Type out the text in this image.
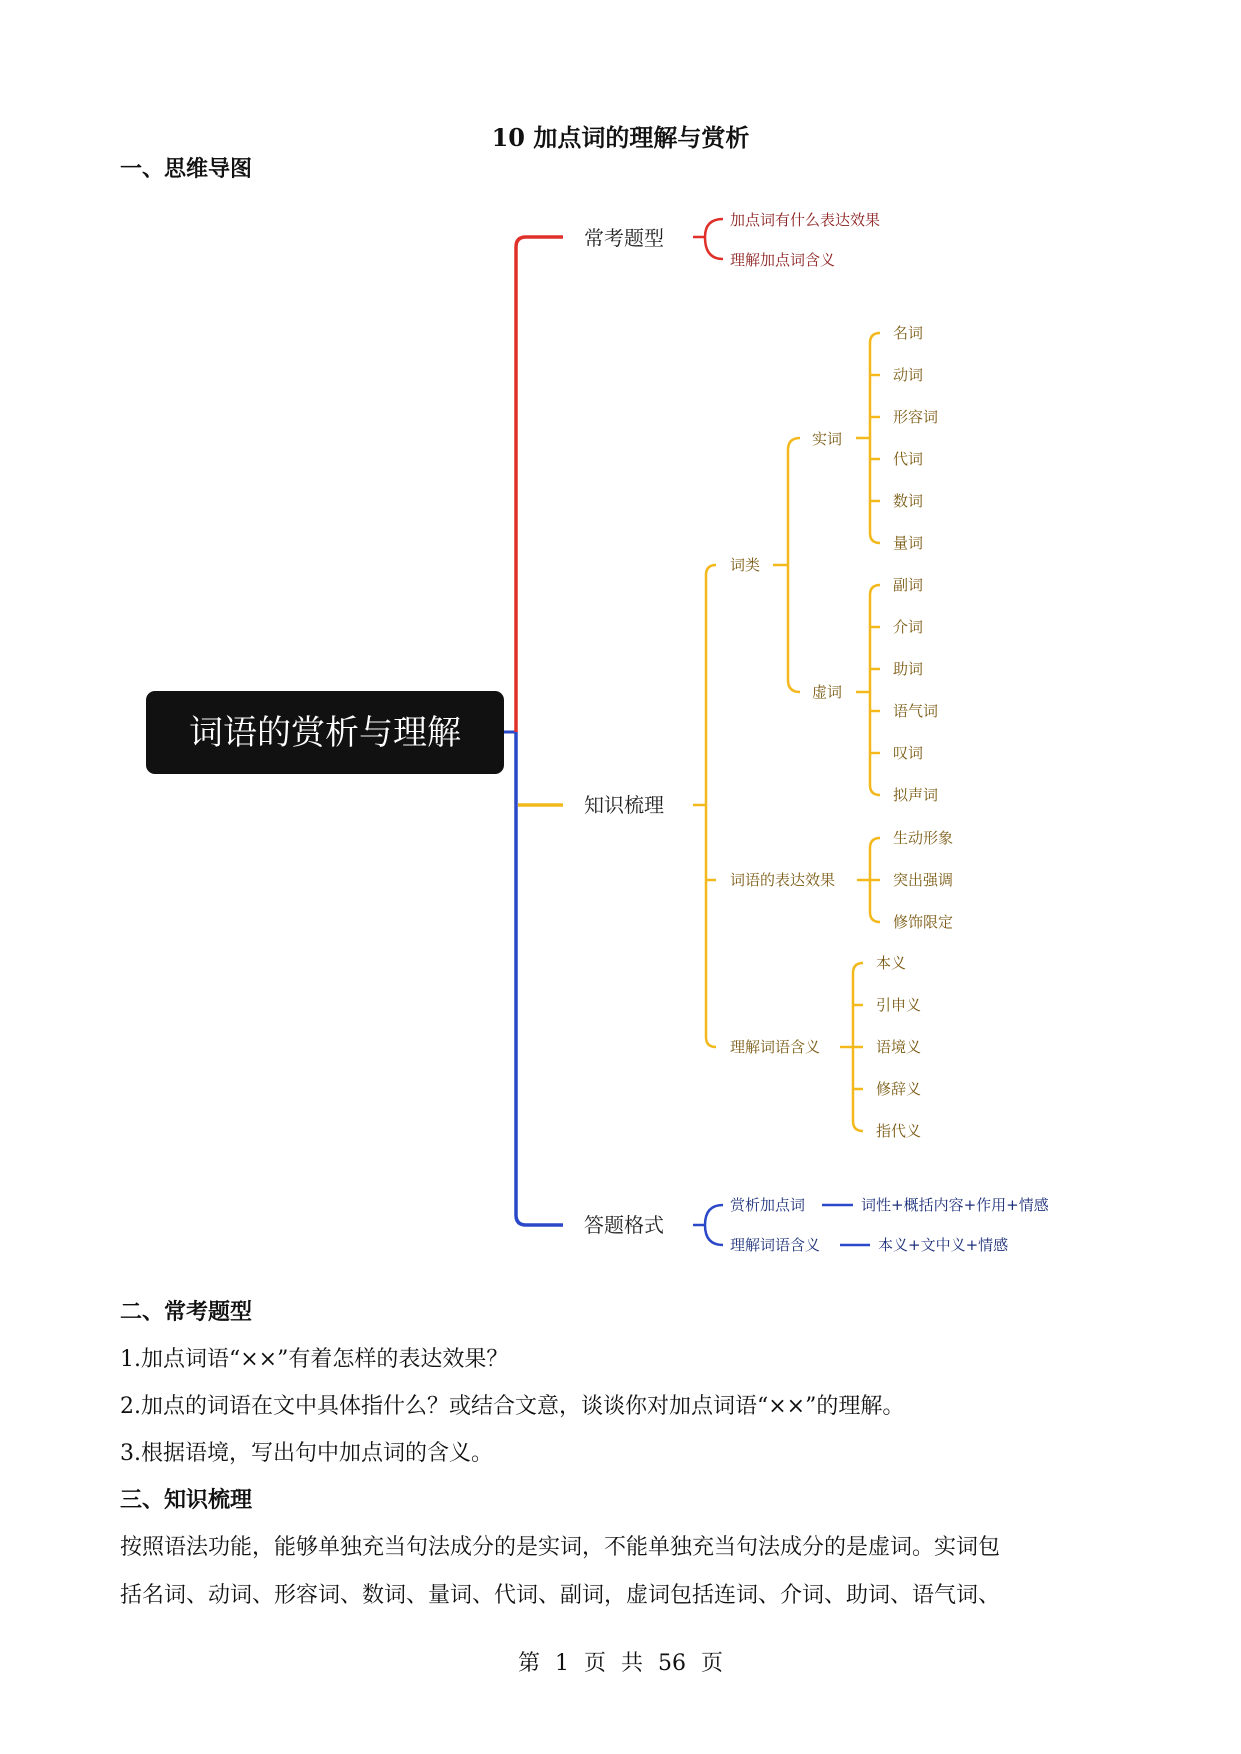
10 加点词的理解与赏析
一、思维导图
词语的赏析与理解
常考题型
加点词有什么表达效果
理解加点词含义
知识梳理
词类
实词
名词
动词
形容词
代词
数词
量词
虚词
副词
介词
助词
语气词
叹词
拟声词
词语的表达效果
生动形象
突出强调
修饰限定
理解词语含义
本义
引申义
语境义
修辞义
指代义
答题格式
赏析加点词	词性+概括内容+作用+情感
理解词语含义	本义+文中义+情感
二、常考题型
1.加点词语“××”有着怎样的表达效果？
2.加点的词语在文中具体指什么？或结合文意，谈谈你对加点词语“××”的理解。
3.根据语境，写出句中加点词的含义。
三、知识梳理
按照语法功能，能够单独充当句法成分的是实词，不能单独充当句法成分的是虚词。实词包
括名词、动词、形容词、数词、量词、代词、副词，虚词包括连词、介词、助词、语气词、
第 1 页 共 56 页
